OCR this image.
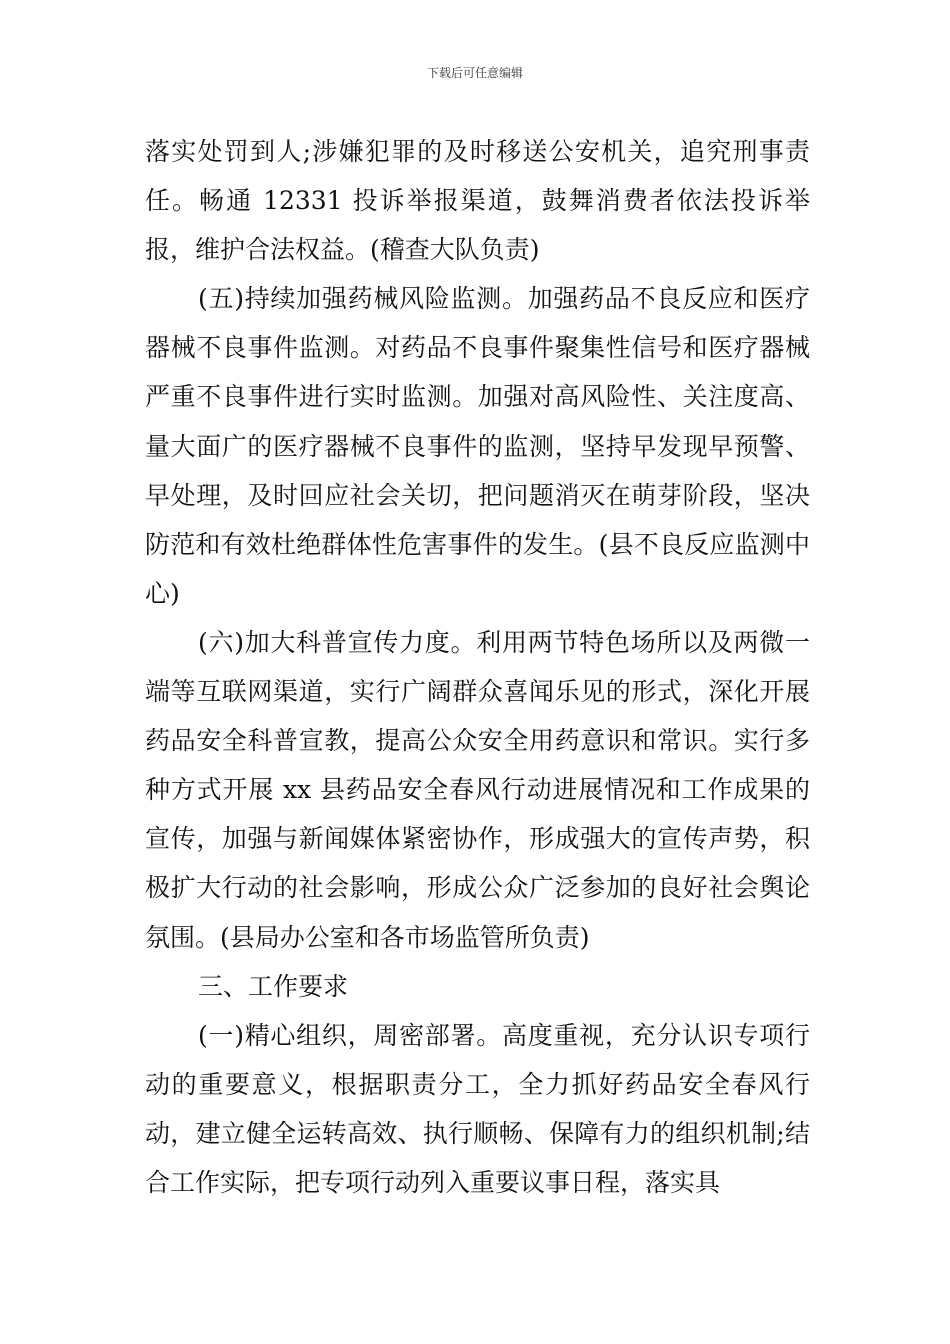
下载后可任意编辑

落实处罚到人;涉嫌犯罪的及时移送公安机关，追究刑事责任。畅通 12331 投诉举报渠道，鼓舞消费者依法投诉举报，维护合法权益。(稽查大队负责)

(五)持续加强药械风险监测。加强药品不良反应和医疗器械不良事件监测。对药品不良事件聚集性信号和医疗器械严重不良事件进行实时监测。加强对高风险性、关注度高、量大面广的医疗器械不良事件的监测，坚持早发现早预警、早处理，及时回应社会关切，把问题消灭在萌芽阶段，坚决防范和有效杜绝群体性危害事件的发生。(县不良反应监测中心)

(六)加大科普宣传力度。利用两节特色场所以及两微一端等互联网渠道，实行广阔群众喜闻乐见的形式，深化开展药品安全科普宣教，提高公众安全用药意识和常识。实行多种方式开展 xx 县药品安全春风行动进展情况和工作成果的宣传，加强与新闻媒体紧密协作，形成强大的宣传声势，积极扩大行动的社会影响，形成公众广泛参加的良好社会舆论氛围。(县局办公室和各市场监管所负责)

三、工作要求

(一)精心组织，周密部署。高度重视，充分认识专项行动的重要意义，根据职责分工，全力抓好药品安全春风行动，建立健全运转高效、执行顺畅、保障有力的组织机制;结合工作实际，把专项行动列入重要议事日程，落实具
